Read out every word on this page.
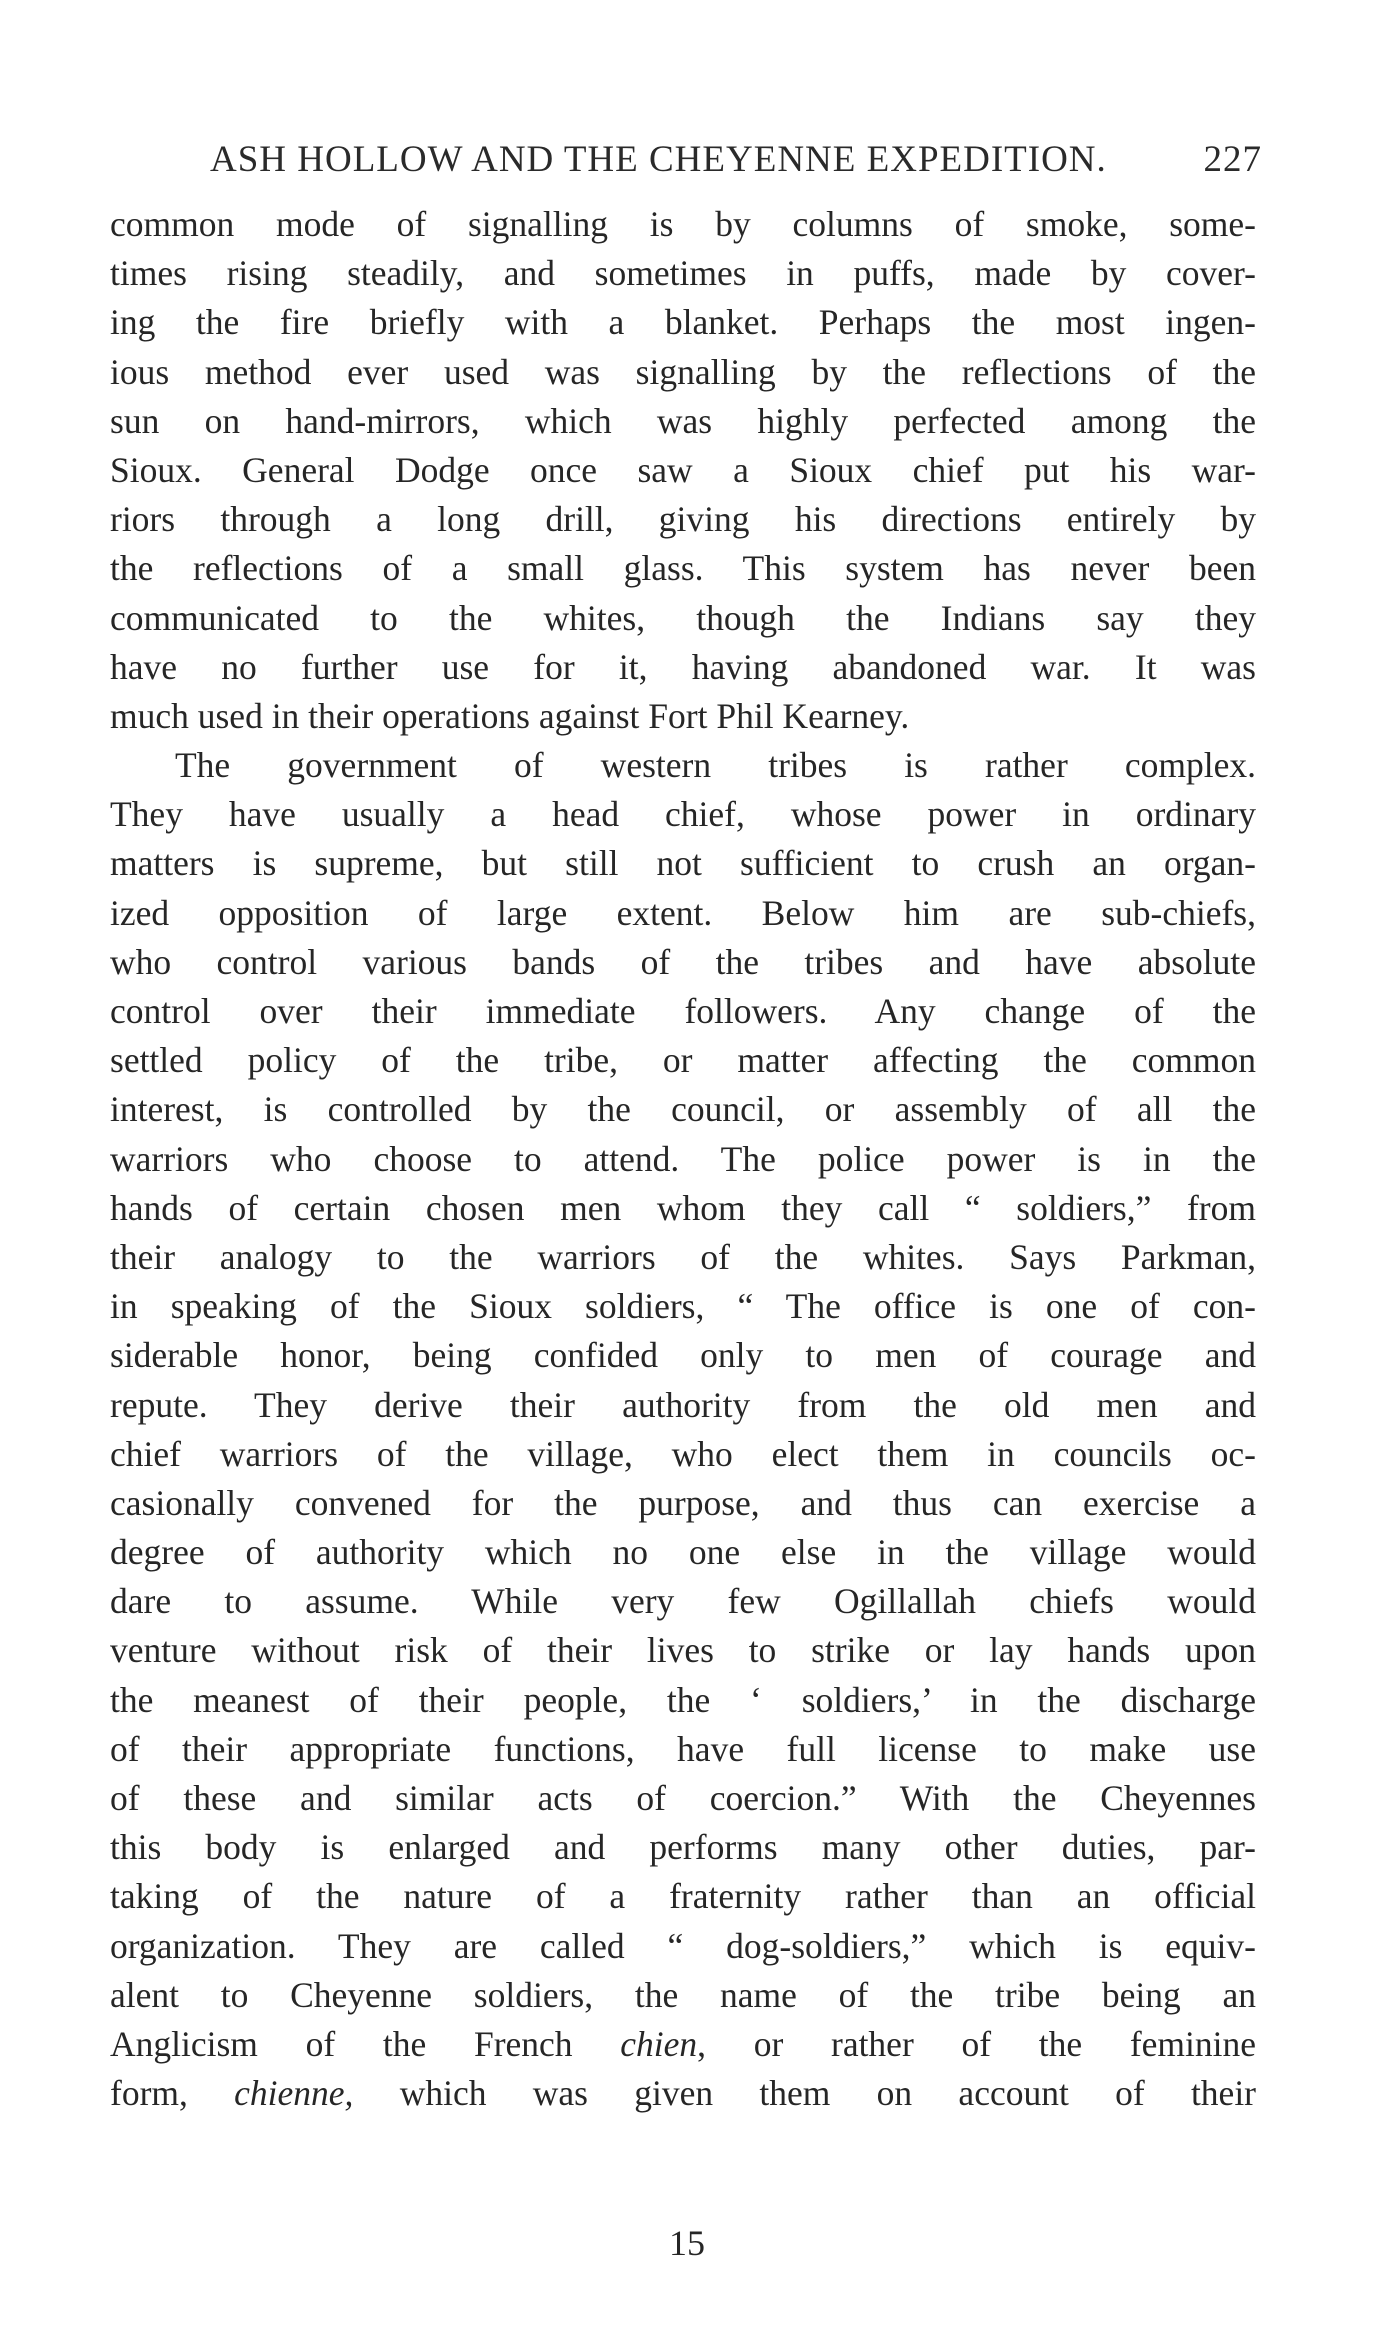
ASH HOLLOW AND THE CHEYENNE EXPEDITION.	227
common mode of signalling is by columns of smoke, some-
times rising steadily, and sometimes in puffs, made by cover-
ing the fire briefly with a blanket. Perhaps the most ingen-
ious method ever used was signalling by the reflections of the
sun on hand-mirrors, which was highly perfected among the
Sioux. General Dodge once saw a Sioux chief put his war-
riors through a long drill, giving his directions entirely by
the reflections of a small glass. This system has never been
communicated to the whites, though the Indians say they
have no further use for it, having abandoned war. It was
much used in their operations against Fort Phil Kearney.
The government of western tribes is rather complex.
They have usually a head chief, whose power in ordinary
matters is supreme, but still not sufficient to crush an organ-
ized opposition of large extent. Below him are sub-chiefs,
who control various bands of the tribes and have absolute
control over their immediate followers. Any change of the
settled policy of the tribe, or matter affecting the common
interest, is controlled by the council, or assembly of all the
warriors who choose to attend. The police power is in the
hands of certain chosen men whom they call “ soldiers,” from
their analogy to the warriors of the whites. Says Parkman,
in speaking of the Sioux soldiers, “ The office is one of con-
siderable honor, being confided only to men of courage and
repute. They derive their authority from the old men and
chief warriors of the village, who elect them in councils oc-
casionally convened for the purpose, and thus can exercise a
degree of authority which no one else in the village would
dare to assume. While very few Ogillallah chiefs would
venture without risk of their lives to strike or lay hands upon
the meanest of their people, the ‘ soldiers,’ in the discharge
of their appropriate functions, have full license to make use
of these and similar acts of coercion.” With the Cheyennes
this body is enlarged and performs many other duties, par-
taking of the nature of a fraternity rather than an official
organization. They are called “ dog-soldiers,” which is equiv-
alent to Cheyenne soldiers, the name of the tribe being an
Anglicism of the French chien, or rather of the feminine
form, chienne, which was given them on account of their
15
